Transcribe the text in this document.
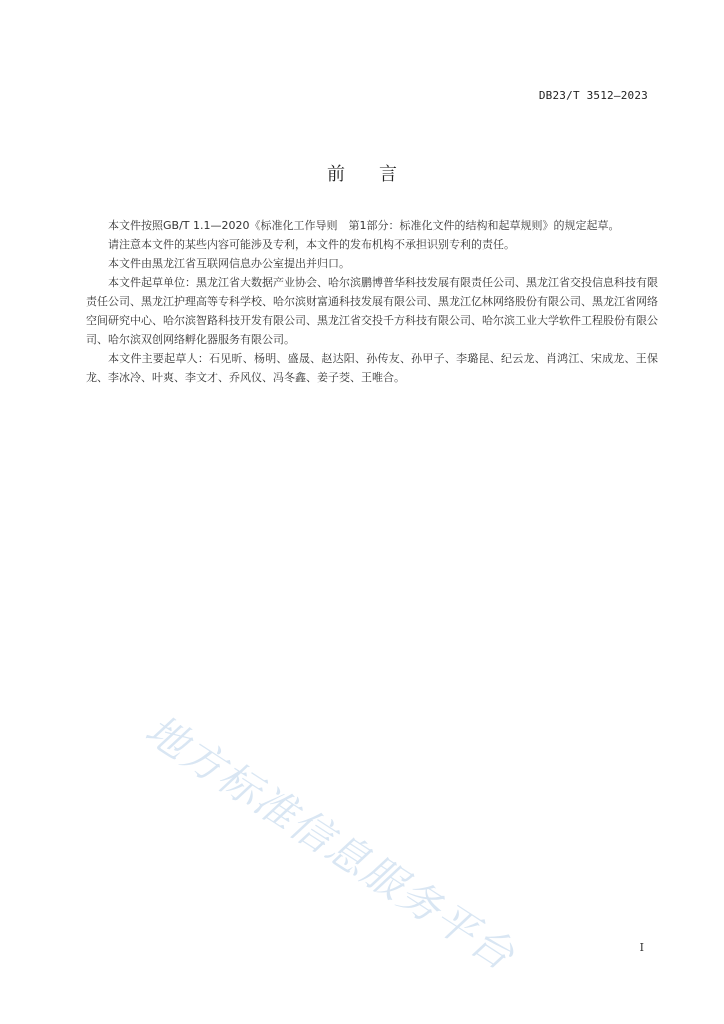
DB23/T 3512—2023
前言

本文件按照GB/T 1.1—2020《标准化工作导则　第1部分：标准化文件的结构和起草规则》的规定起草。

请注意本文件的某些内容可能涉及专利，本文件的发布机构不承担识别专利的责任。

本文件由黑龙江省互联网信息办公室提出并归口。

本文件起草单位：黑龙江省大数据产业协会、哈尔滨鹏博普华科技发展有限责任公司、黑龙江省交投信息科技有限责任公司、黑龙江护理高等专科学校、哈尔滨财富通科技发展有限公司、黑龙江亿林网络股份有限公司、黑龙江省网络空间研究中心、哈尔滨智路科技开发有限公司、黑龙江省交投千方科技有限公司、哈尔滨工业大学软件工程股份有限公司、哈尔滨双创网络孵化器服务有限公司。

本文件主要起草人：石见昕、杨明、盛晟、赵达阳、孙传友、孙甲子、李璐昆、纪云龙、肖鸿江、宋成龙、王保龙、李冰冷、叶爽、李文才、乔风仪、冯冬鑫、姜子茭、王唯合。

地方标准信息服务平台	I
